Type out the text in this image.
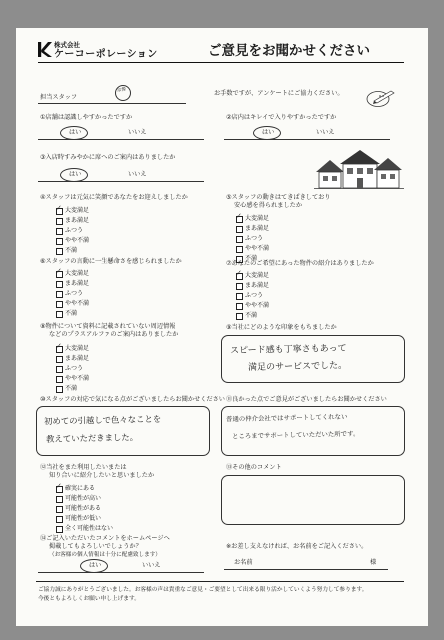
株式会社
ケーコーポレーション	ご意見をお聞かせください
担当スタッフ
宗像	お手数ですが、アンケートにご協力ください。
①店舗は認識しやすかったですか
はい	いいえ
②店内はキレイで入りやすかったですか
はい	いいえ
③入店時すみやかに席へのご案内はありましたか
はい	いいえ
④スタッフは元気に笑顔であなたをお迎えしましたか
✓ 大変満足
まあ満足
ふつう
やや不満
不満
⑤スタッフの動きはてきぱきしており
安心感を得られましたか
✓ 大変満足
まあ満足
ふつう
やや不満
不満
⑥スタッフの言動に一生懸命さを感じられましたか
✓ 大変満足
まあ満足
ふつう
やや不満
不満
⑦あなたのご希望にあった物件の紹介はありましたか
✓ 大変満足
まあ満足
ふつう
やや不満
不満
⑧物件について資料に記載されていない周辺情報
などのプラスアルファのご案内はありましたか
✓ 大変満足
まあ満足
ふつう
やや不満
不満
⑨当社にどのような印象をもちましたか
スピード感も丁寧さもあって
満足のサービスでした。
⑩スタッフの対応で気になる点がございましたらお聞かせください
初めての引越しで色々なことを
教えていただきました。
⑪良かった点でご意見がございましたらお聞かせください
普通の仲介会社ではサポートしてくれない
ところまでサポートしていただいた所です。
⑫当社をまた利用したいまたは
知り合いに紹介したいと思いましたか
✓ 確実にある
可能性が高い
可能性がある
可能性が低い
全く可能性はない
⑬その他のコメント
⑭ご記入いただいたコメントをホームページへ
掲載してもよろしいでしょうか？
（お客様の個人情報は十分に配慮致します）
はい	いいえ
※お差し支えなければ、お名前をご記入ください。
お名前	様
ご協力誠にありがとうございました。お客様の声は貴重なご意見・ご要望として出来る限り活かしていくよう努力して参ります。
今後ともよろしくお願い申し上げます。
